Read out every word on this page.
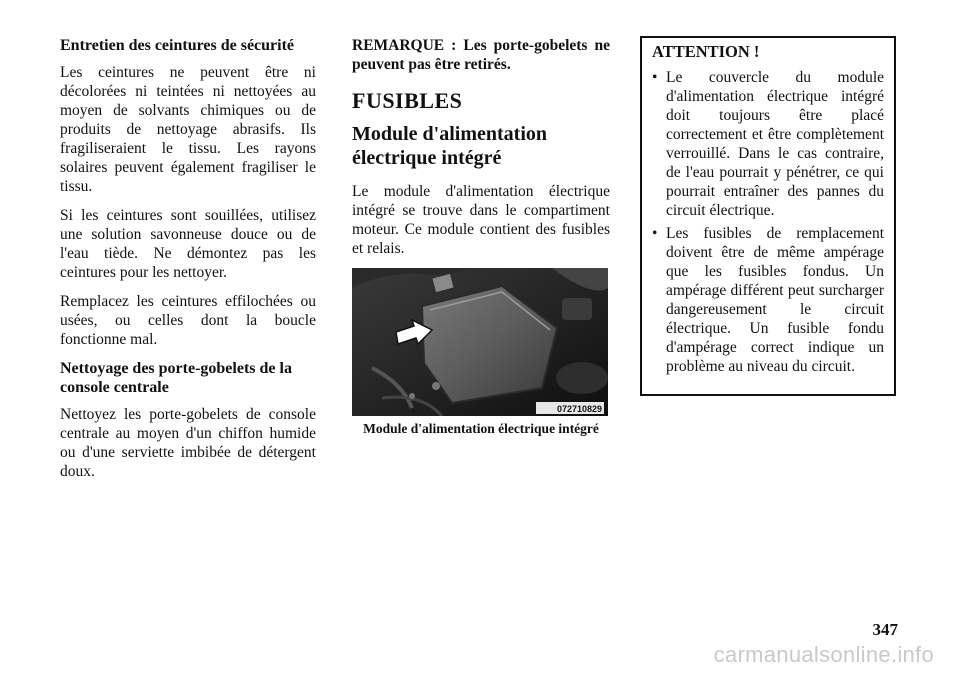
Entretien des ceintures de sécurité

Les ceintures ne peuvent être ni décolorées ni teintées ni nettoyées au moyen de solvants chimiques ou de produits de nettoyage abrasifs. Ils fragiliseraient le tissu. Les rayons solaires peuvent également fragiliser le tissu.

Si les ceintures sont souillées, utilisez une solution savonneuse douce ou de l'eau tiède. Ne démontez pas les ceintures pour les nettoyer.

Remplacez les ceintures effilochées ou usées, ou celles dont la boucle fonctionne mal.

Nettoyage des porte-gobelets de la console centrale

Nettoyez les porte-gobelets de console centrale au moyen d'un chiffon humide ou d'une serviette imbibée de détergent doux.

REMARQUE : Les porte-gobelets ne peuvent pas être retirés.

FUSIBLES
Module d'alimentation électrique intégré

Le module d'alimentation électrique intégré se trouve dans le compartiment moteur. Ce module contient des fusibles et relais.

072710829

Module d'alimentation électrique intégré

ATTENTION !
• Le couvercle du module d'alimentation électrique intégré doit toujours être placé correctement et être complètement verrouillé. Dans le cas contraire, de l'eau pourrait y pénétrer, ce qui pourrait entraîner des pannes du circuit électrique.
• Les fusibles de remplacement doivent être de même ampérage que les fusibles fondus. Un ampérage différent peut surcharger dangereusement le circuit électrique. Un fusible fondu d'ampérage correct indique un problème au niveau du circuit.
347
carmanualsonline.info
